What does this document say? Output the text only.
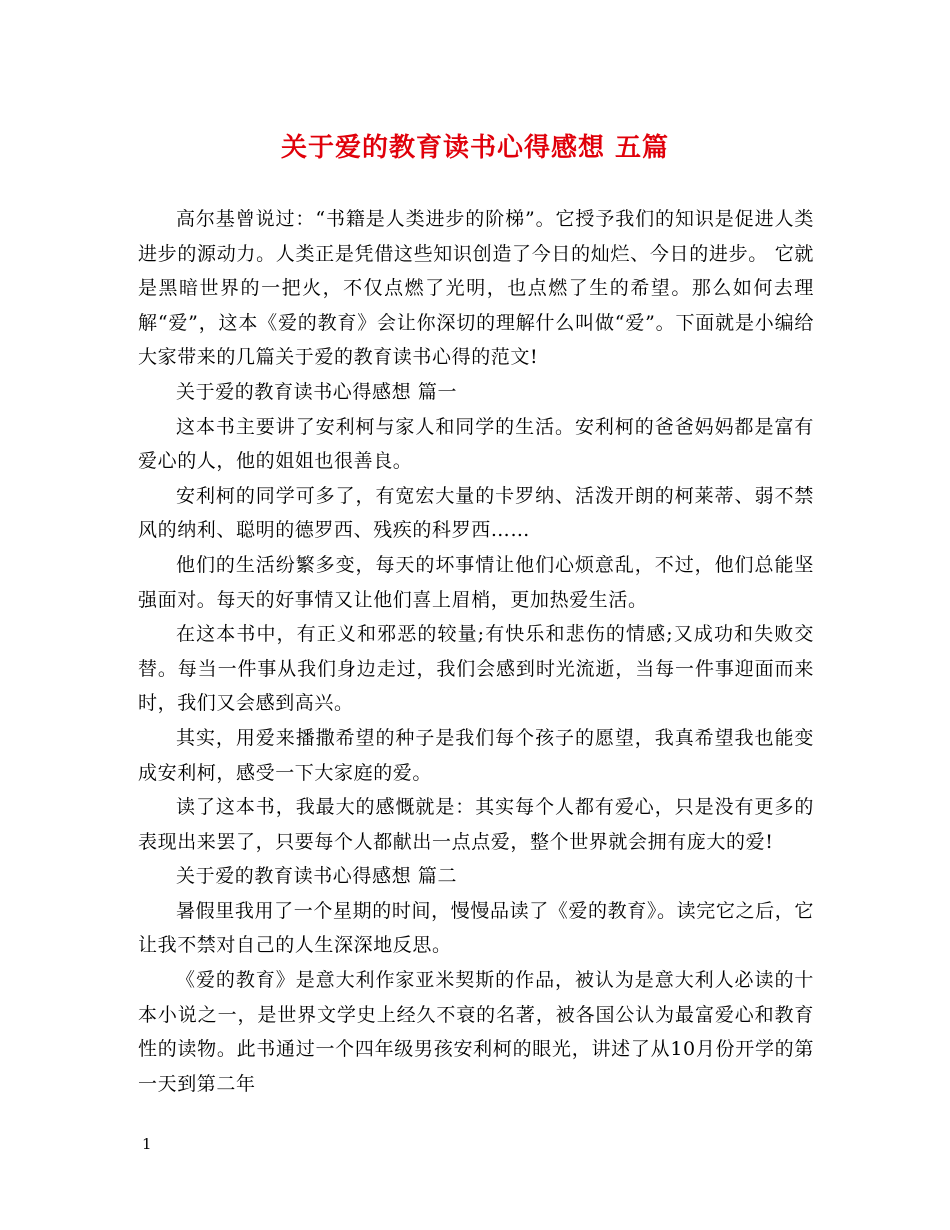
关于爱的教育读书心得感想 五篇

高尔基曾说过：“书籍是人类进步的阶梯”。它授予我们的知识是促进人类进步的源动力。人类正是凭借这些知识创造了今日的灿烂、今日的进步。 它就是黑暗世界的一把火，不仅点燃了光明，也点燃了生的希望。那么如何去理解“爱”，这本《爱的教育》会让你深切的理解什么叫做“爱”。下面就是小编给大家带来的几篇关于爱的教育读书心得的范文!

关于爱的教育读书心得感想 篇一

这本书主要讲了安利柯与家人和同学的生活。安利柯的爸爸妈妈都是富有爱心的人，他的姐姐也很善良。

安利柯的同学可多了，有宽宏大量的卡罗纳、活泼开朗的柯莱蒂、弱不禁风的纳利、聪明的德罗西、残疾的科罗西……

他们的生活纷繁多变，每天的坏事情让他们心烦意乱，不过，他们总能坚强面对。每天的好事情又让他们喜上眉梢，更加热爱生活。

在这本书中，有正义和邪恶的较量;有快乐和悲伤的情感;又成功和失败交替。每当一件事从我们身边走过，我们会感到时光流逝，当每一件事迎面而来时，我们又会感到高兴。

其实，用爱来播撒希望的种子是我们每个孩子的愿望，我真希望我也能变成安利柯，感受一下大家庭的爱。

读了这本书，我最大的感慨就是：其实每个人都有爱心，只是没有更多的表现出来罢了，只要每个人都献出一点点爱，整个世界就会拥有庞大的爱!

关于爱的教育读书心得感想 篇二

暑假里我用了一个星期的时间，慢慢品读了《爱的教育》。读完它之后，它让我不禁对自己的人生深深地反思。

《爱的教育》是意大利作家亚米契斯的作品，被认为是意大利人必读的十本小说之一，是世界文学史上经久不衰的名著，被各国公认为最富爱心和教育性的读物。此书通过一个四年级男孩安利柯的眼光，讲述了从10月份开学的第一天到第二年

1
